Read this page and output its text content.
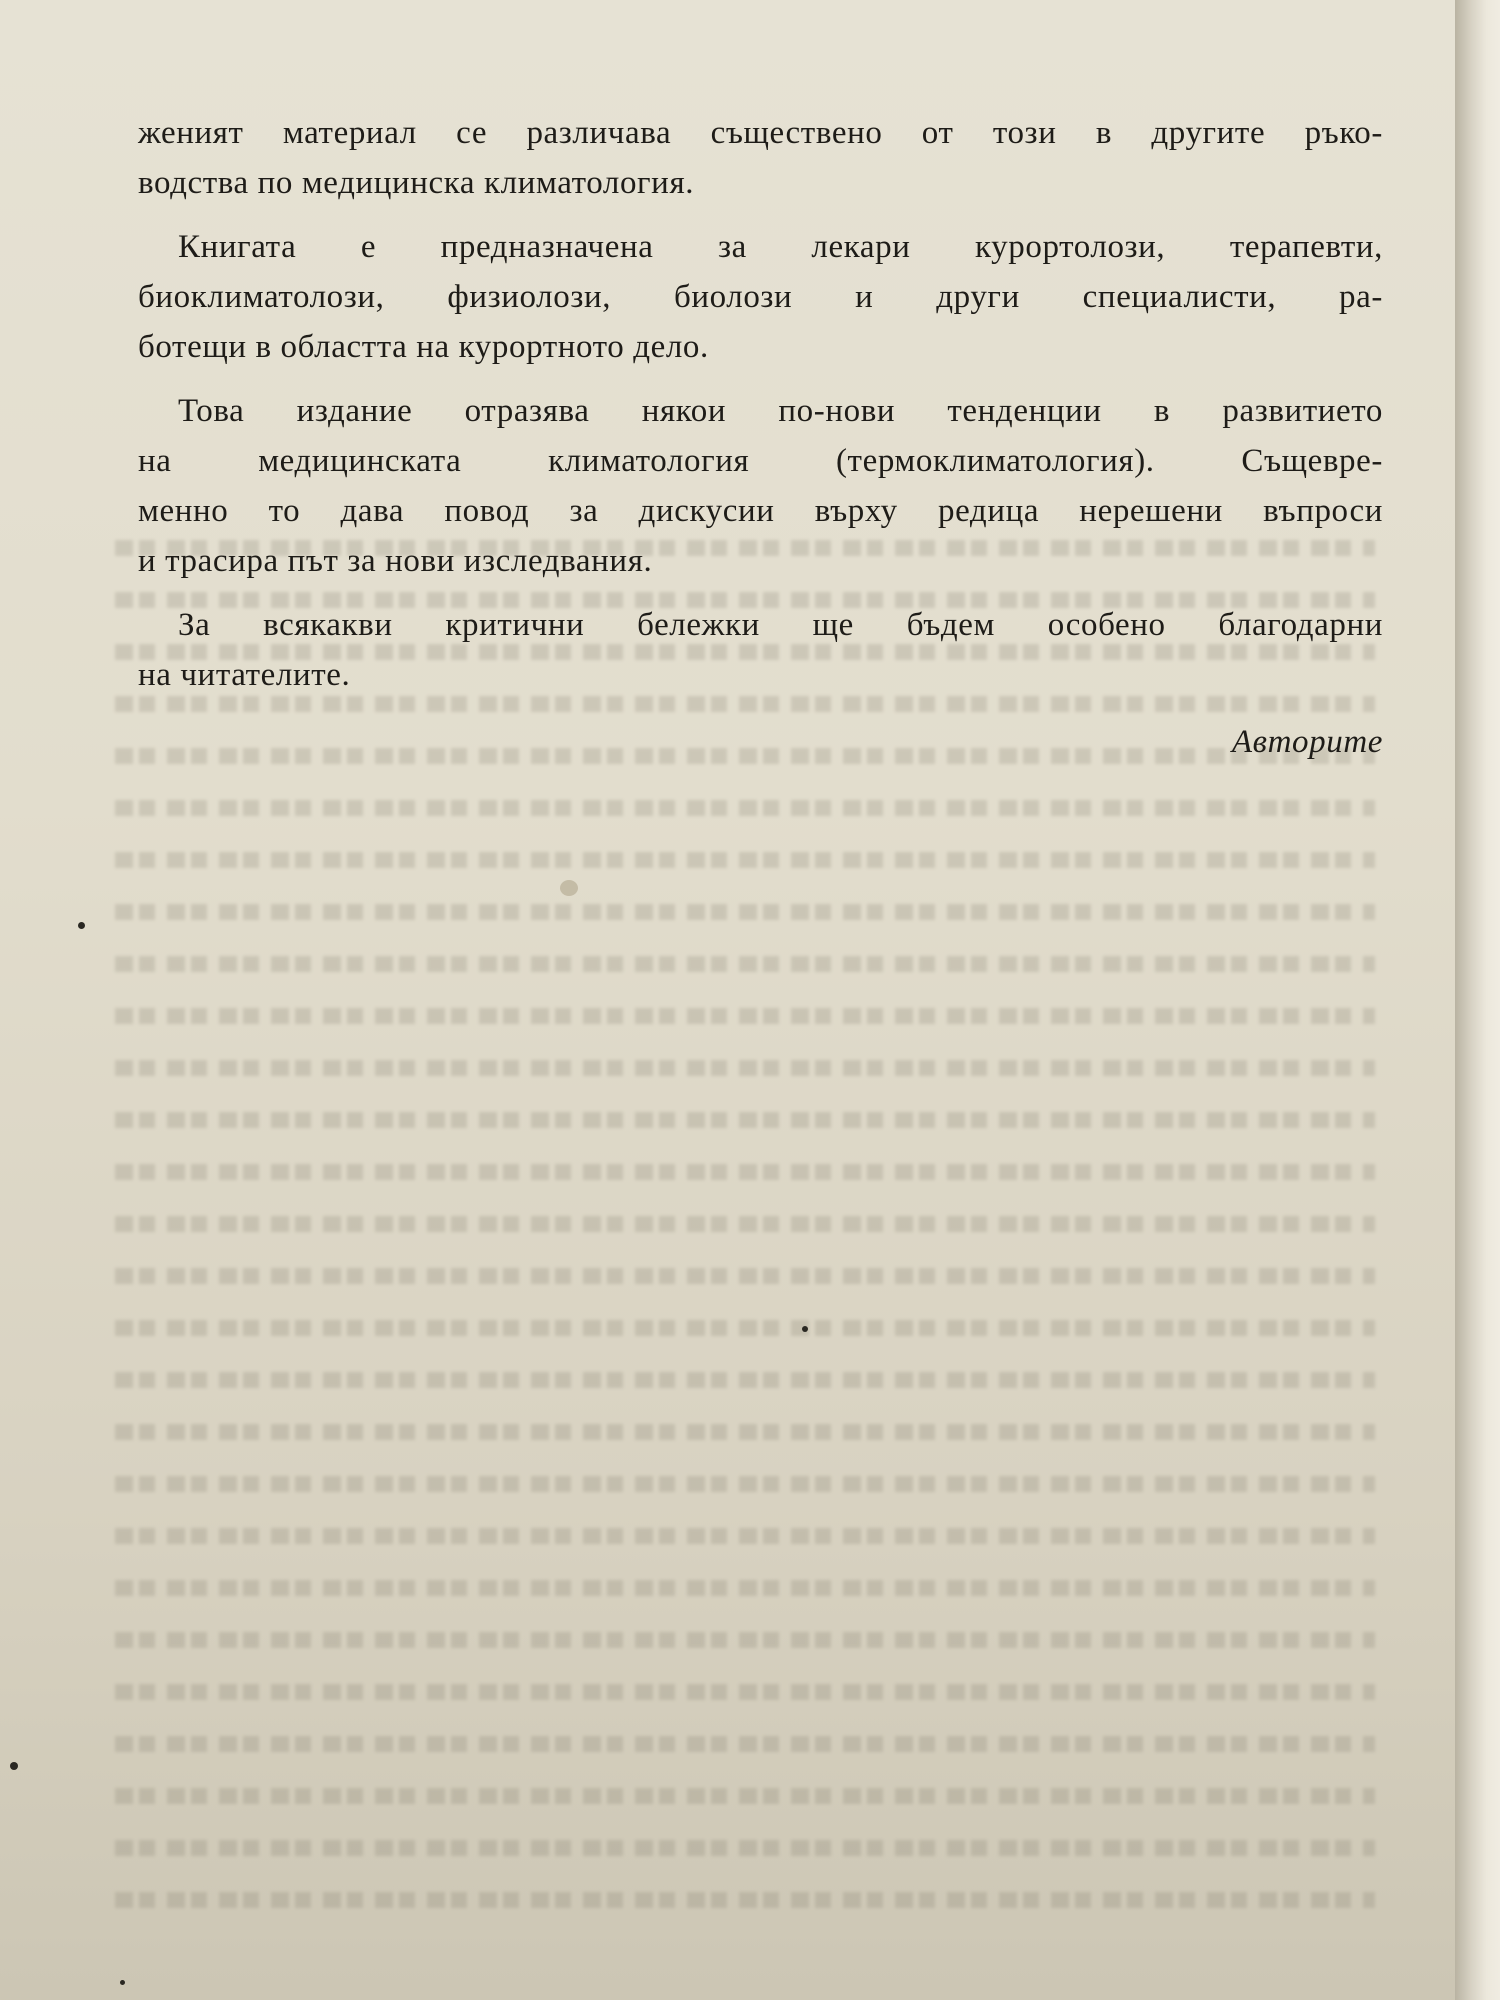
женият материал се различава съществено от този в другите ръко-
водства по медицинска климатология.
Книгата е предназначена за лекари курортолози, терапевти,
биоклиматолози, физиолози, биолози и други специалисти, ра-
ботещи в областта на курортното дело.
Това издание отразява някои по-нови тенденции в развитието
на медицинската климатология (термоклиматология). Същевре-
менно то дава повод за дискусии върху редица нерешени въпроси
и трасира път за нови изследвания.
За всякакви критични бележки ще бъдем особено благодарни
на читателите.
Авторите
